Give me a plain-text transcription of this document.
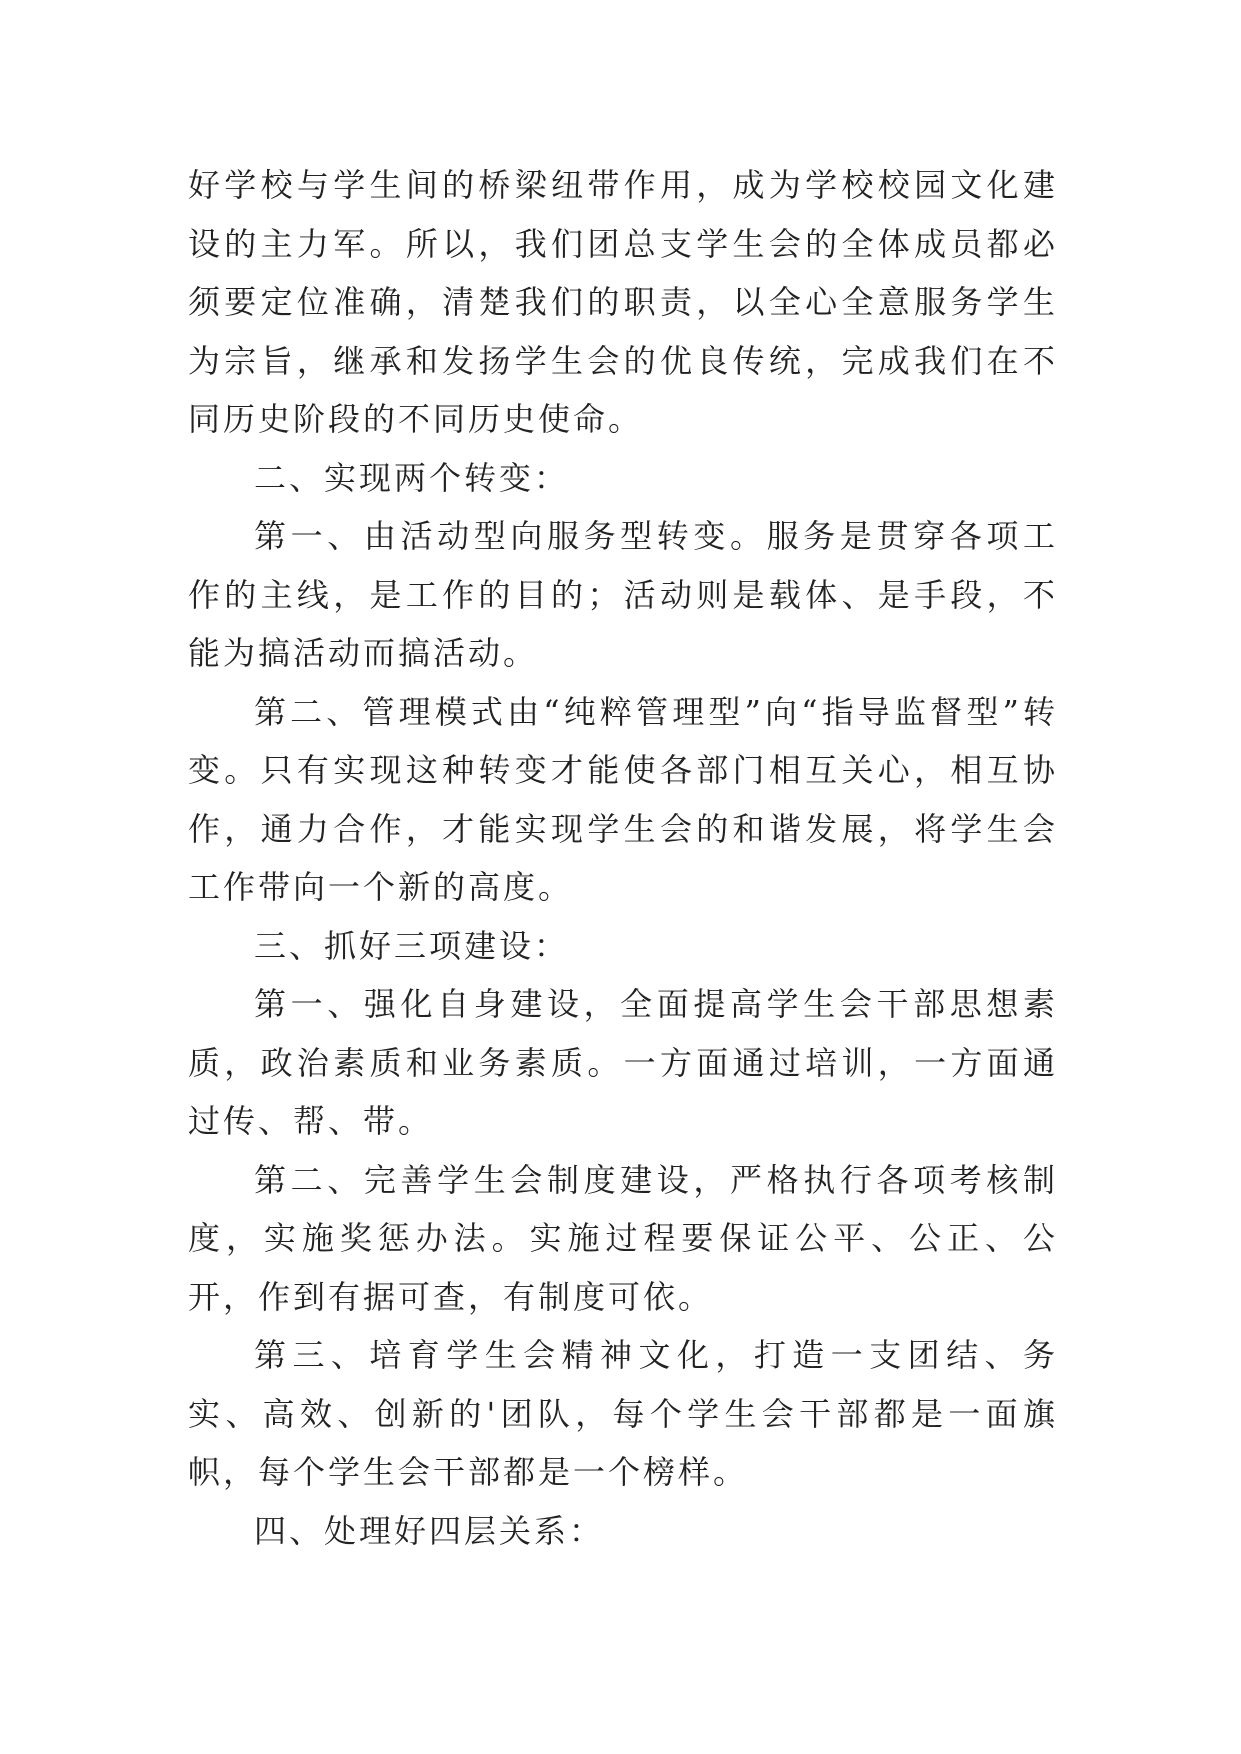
好学校与学生间的桥梁纽带作用，成为学校校园文化建设的主力军。所以，我们团总支学生会的全体成员都必须要定位准确，清楚我们的职责，以全心全意服务学生为宗旨，继承和发扬学生会的优良传统，完成我们在不同历史阶段的不同历史使命。

二、实现两个转变：

第一、由活动型向服务型转变。服务是贯穿各项工作的主线，是工作的目的；活动则是载体、是手段，不能为搞活动而搞活动。

第二、管理模式由“纯粹管理型”向“指导监督型”转变。只有实现这种转变才能使各部门相互关心，相互协作，通力合作，才能实现学生会的和谐发展，将学生会工作带向一个新的高度。

三、抓好三项建设：

第一、强化自身建设，全面提高学生会干部思想素质，政治素质和业务素质。一方面通过培训，一方面通过传、帮、带。

第二、完善学生会制度建设，严格执行各项考核制度，实施奖惩办法。实施过程要保证公平、公正、公开，作到有据可查，有制度可依。

第三、培育学生会精神文化，打造一支团结、务实、高效、创新的'团队，每个学生会干部都是一面旗帜，每个学生会干部都是一个榜样。

四、处理好四层关系：
